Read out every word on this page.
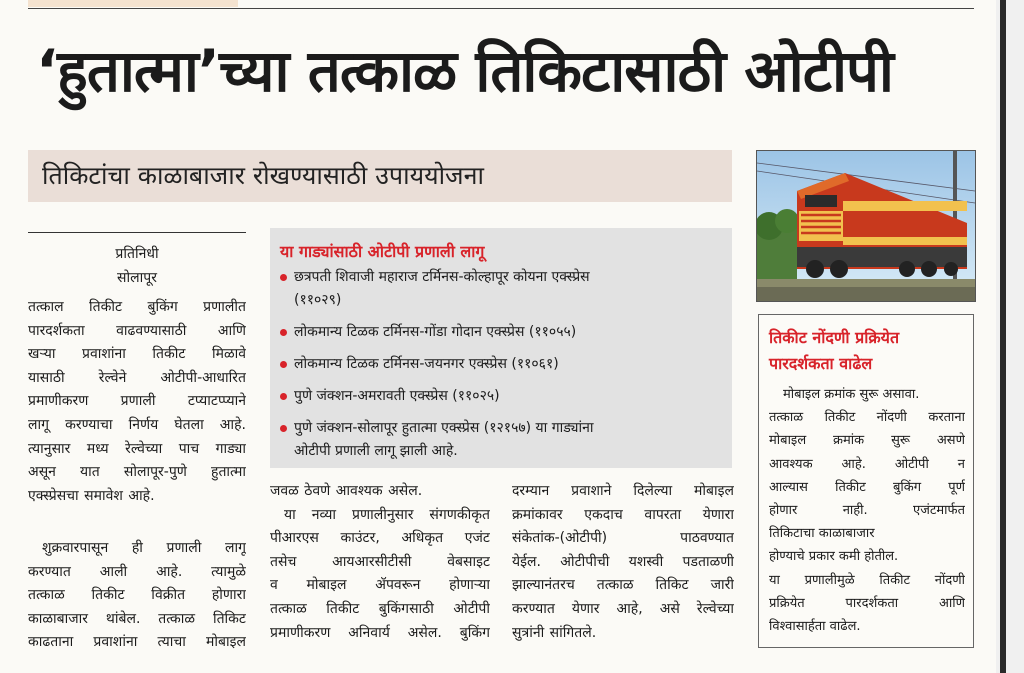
‘हुतात्मा’च्या तत्काळ तिकिटासाठी ओटीपी
तिकिटांचा काळाबाजार रोखण्यासाठी उपाययोजना
प्रतिनिधी
सोलापूर
तत्काल तिकीट बुकिंग प्रणालीत
पारदर्शकता वाढवण्यासाठी आणि
खऱ्या प्रवाशांना तिकीट मिळावे
यासाठी रेल्वेने ओटीपी-आधारित
प्रमाणीकरण प्रणाली टप्याटप्प्याने
लागू करण्याचा निर्णय घेतला आहे.
त्यानुसार मध्य रेल्वेच्या पाच गाड्या
असून यात सोलापूर-पुणे हुतात्मा
एक्स्प्रेसचा समावेश आहे.
शुक्रवारपासून ही प्रणाली लागू
करण्यात आली आहे. त्यामुळे
तत्काळ तिकीट विक्रीत होणारा
काळाबाजार थांबेल. तत्काळ तिकिट
काढताना प्रवाशांना त्याचा मोबाइल
या गाड्यांसाठी ओटीपी प्रणाली लागू
छत्रपती शिवाजी महाराज टर्मिनस-कोल्हापूर कोयना एक्स्प्रेस
(११०२९)
लोकमान्य टिळक टर्मिनस-गोंडा गोदान एक्स्प्रेस (११०५५)
लोकमान्य टिळक टर्मिनस-जयनगर एक्स्प्रेस (११०६१)
पुणे जंक्शन-अमरावती एक्स्प्रेस (११०२५)
पुणे जंक्शन-सोलापूर हुतात्मा एक्स्प्रेस (१२१५७) या गाड्यांना
ओटीपी प्रणाली लागू झाली आहे.
जवळ ठेवणे आवश्यक असेल.
या नव्या प्रणालीनुसार संगणकीकृत
पीआरएस काउंटर, अधिकृत एजंट
तसेच आयआरसीटीसी वेबसाइट
व मोबाइल ॲपवरून होणाऱ्या
तत्काळ तिकीट बुकिंगसाठी ओटीपी
प्रमाणीकरण अनिवार्य असेल. बुकिंग
दरम्यान प्रवाशाने दिलेल्या मोबाइल
क्रमांकावर एकदाच वापरता येणारा
संकेतांक-(ओटीपी) पाठवण्यात
येईल. ओटीपीची यशस्वी पडताळणी
झाल्यानंतरच तत्काळ तिकिट जारी
करण्यात येणार आहे, असे रेल्वेच्या
सुत्रांनी सांगितले.
तिकीट नोंदणी प्रक्रियेत
पारदर्शकता वाढेल
मोबाइल क्रमांक सुरू असावा.
तत्काळ तिकीट नोंदणी करताना
मोबाइल क्रमांक सुरू असणे
आवश्यक आहे. ओटीपी न
आल्यास तिकीट बुकिंग पूर्ण
होणार नाही. एजंटमार्फत
तिकिटाचा काळाबाजार
होण्याचे प्रकार कमी होतील.
या प्रणालीमुळे तिकीट नोंदणी
प्रक्रियेत पारदर्शकता आणि
विश्वासार्हता वाढेल.
